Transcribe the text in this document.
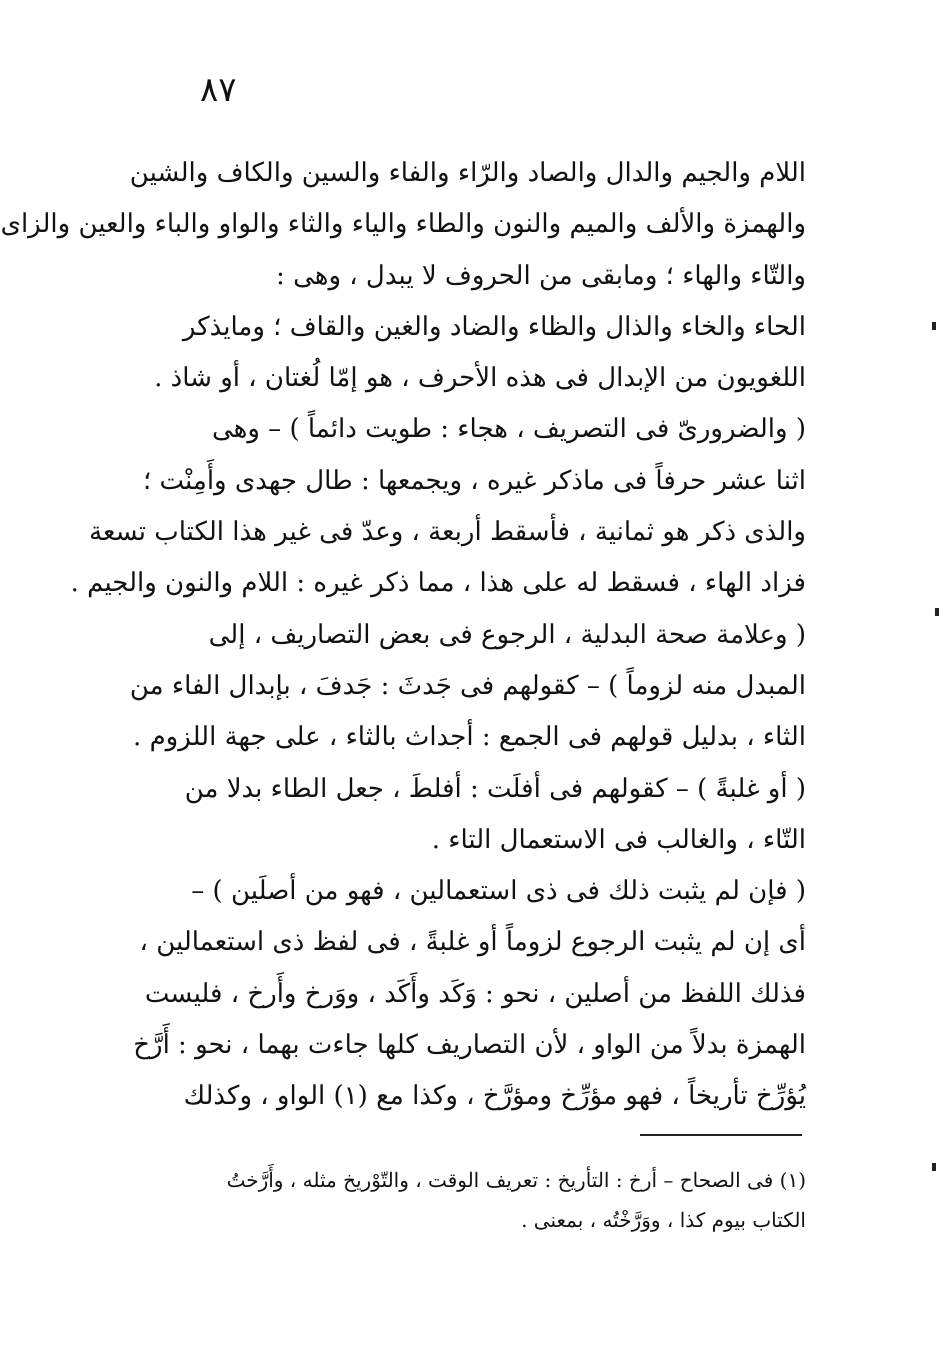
٨٧
اللام والجيم والدال والصاد والرّاء والفاء والسين والكاف والشين
والهمزة والألف والميم والنون والطاء والياء والثاء والواو والباء والعين والزاى
والتّاء والهاء ؛ ومابقى من الحروف لا يبدل ، وهى :
الحاء والخاء والذال والظاء والضاد والغين والقاف ؛ ومايذكر
اللغويون من الإبدال فى هذه الأحرف ، هو إمّا لُغتان ، أو شاذ .
( والضرورىّ فى التصريف ، هجاء : طويت دائماً ) – وهى
اثنا عشر حرفاً فى ماذكر غيره ، ويجمعها : طال جهدى وأَمِنْت ؛
والذى ذكر هو ثمانية ، فأسقط أربعة ، وعدّ فى غير هذا الكتاب تسعة
فزاد الهاء ، فسقط له على هذا ، مما ذكر غيره : اللام والنون والجيم .
( وعلامة صحة البدلية ، الرجوع فى بعض التصاريف ، إلى
المبدل منه لزوماً ) – كقولهم فى جَدثَ : جَدفَ ، بإبدال الفاء من
الثاء ، بدليل قولهم فى الجمع : أجداث بالثاء ، على جهة اللزوم .
( أو غلبةً ) – كقولهم فى أفلَت : أفلطَ ، جعل الطاء بدلا من
التّاء ، والغالب فى الاستعمال التاء .
( فإن لم يثبت ذلك فى ذى استعمالين ، فهو من أصلَين ) –
أى إن لم يثبت الرجوع لزوماً أو غلبةً ، فى لفظ ذى استعمالين ،
فذلك اللفظ من أصلين ، نحو : وَكَد وأَكَد ، ووَرخ وأَرخ ، فليست
الهمزة بدلاً من الواو ، لأن التصاريف كلها جاءت بهما ، نحو : أَرَّخ
يُؤرِّخ تأريخاً ، فهو مؤرِّخ ومؤرَّخ ، وكذا مع (١) الواو ، وكذلك
(١) فى الصحاح – أرخ : التأريخ : تعريف الوقت ، والتّوْريخ مثله ، وأَرَّختُ
الكتاب بيوم كذا ، ووَرَّخْتُه ، بمعنى .
